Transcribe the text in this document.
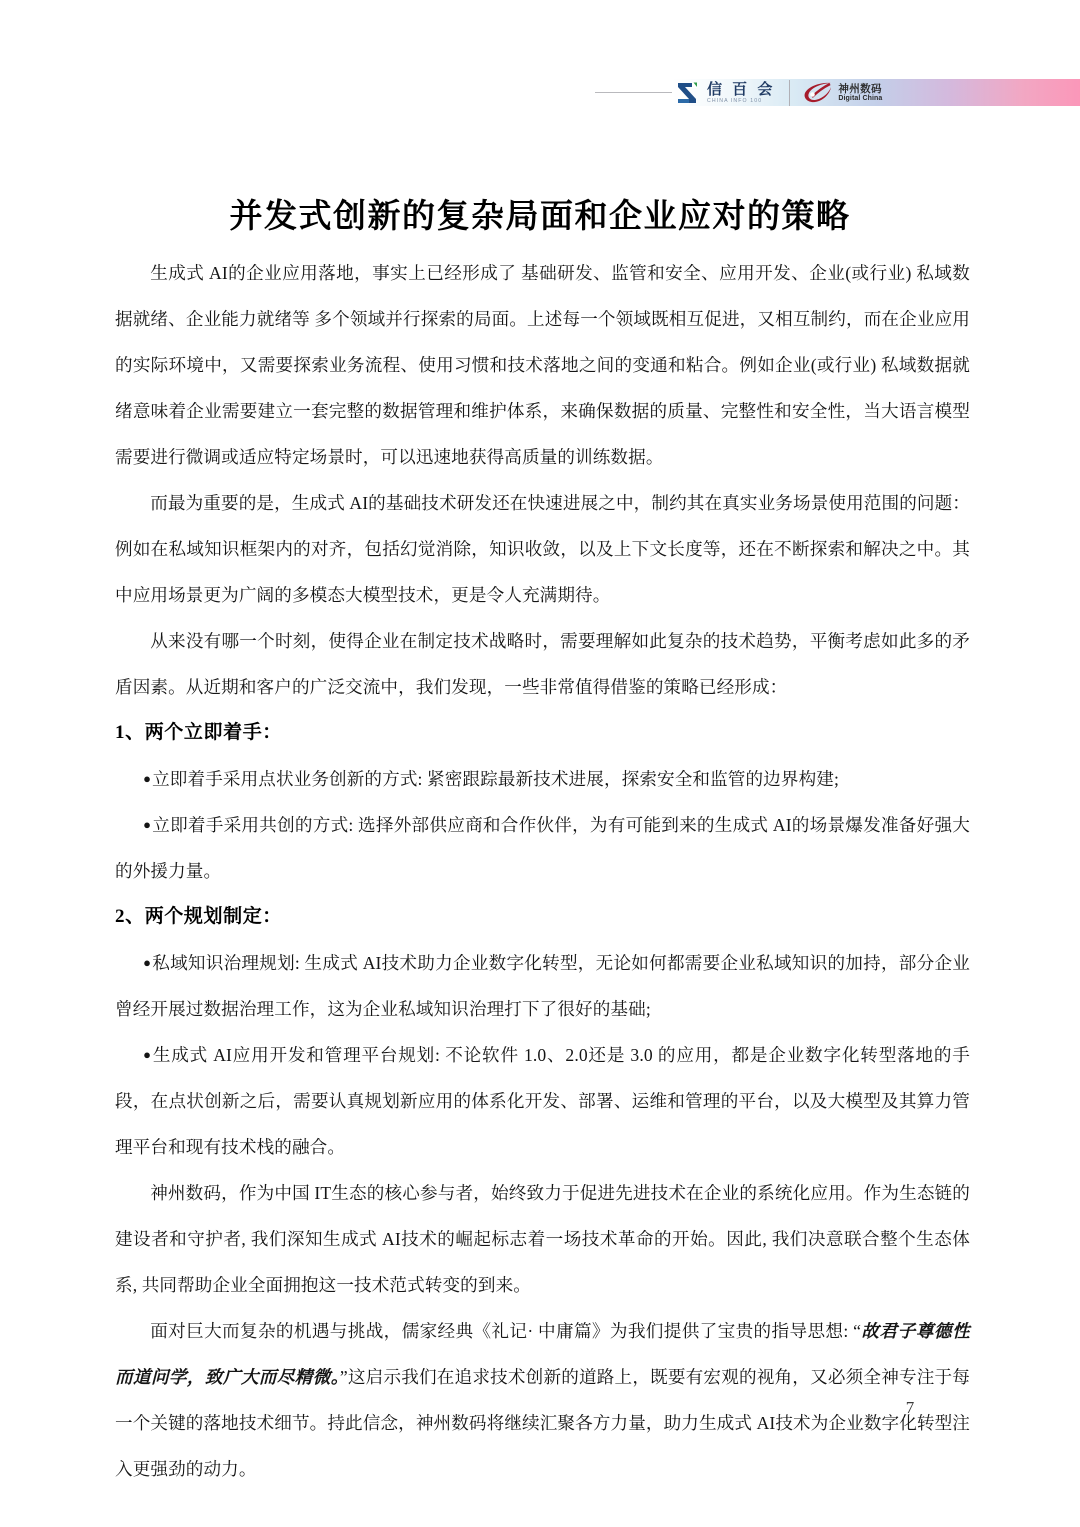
信 百 会
CHINA INFO 100
神州数码
Digital China
并发式创新的复杂局面和企业应对的策略

生成式 AI的企业应用落地，事实上已经形成了 基础研发、监管和安全、应用开发、企业(或行业) 私域数据就绪、企业能力就绪等 多个领域并行探索的局面。上述每一个领域既相互促进，又相互制约，而在企业应用的实际环境中，又需要探索业务流程、使用习惯和技术落地之间的变通和粘合。例如企业(或行业) 私域数据就绪意味着企业需要建立一套完整的数据管理和维护体系，来确保数据的质量、完整性和安全性，当大语言模型需要进行微调或适应特定场景时，可以迅速地获得高质量的训练数据。

而最为重要的是，生成式 AI的基础技术研发还在快速进展之中，制约其在真实业务场景使用范围的问题：例如在私域知识框架内的对齐，包括幻觉消除，知识收敛，以及上下文长度等，还在不断探索和解决之中。其中应用场景更为广阔的多模态大模型技术，更是令人充满期待。

从来没有哪一个时刻，使得企业在制定技术战略时，需要理解如此复杂的技术趋势，平衡考虑如此多的矛盾因素。从近期和客户的广泛交流中，我们发现，一些非常值得借鉴的策略已经形成：

1、两个立即着手：

●立即着手采用点状业务创新的方式: 紧密跟踪最新技术进展，探索安全和监管的边界构建;

●立即着手采用共创的方式: 选择外部供应商和合作伙伴，为有可能到来的生成式 AI的场景爆发准备好强大的外援力量。

2、两个规划制定：

●私域知识治理规划: 生成式 AI技术助力企业数字化转型，无论如何都需要企业私域知识的加持，部分企业曾经开展过数据治理工作，这为企业私域知识治理打下了很好的基础;

●生成式 AI应用开发和管理平台规划: 不论软件 1.0、2.0还是 3.0 的应用，都是企业数字化转型落地的手段，在点状创新之后，需要认真规划新应用的体系化开发、部署、运维和管理的平台，以及大模型及其算力管理平台和现有技术栈的融合。

神州数码，作为中国 IT生态的核心参与者，始终致力于促进先进技术在企业的系统化应用。作为生态链的建设者和守护者, 我们深知生成式 AI技术的崛起标志着一场技术革命的开始。因此, 我们决意联合整个生态体系, 共同帮助企业全面拥抱这一技术范式转变的到来。

面对巨大而复杂的机遇与挑战，儒家经典《礼记· 中庸篇》为我们提供了宝贵的指导思想: “故君子尊德性而道问学，致广大而尽精微。”这启示我们在追求技术创新的道路上，既要有宏观的视角，又必须全神专注于每一个关键的落地技术细节。持此信念，神州数码将继续汇聚各方力量，助力生成式 AI技术为企业数字化转型注入更强劲的动力。

7
